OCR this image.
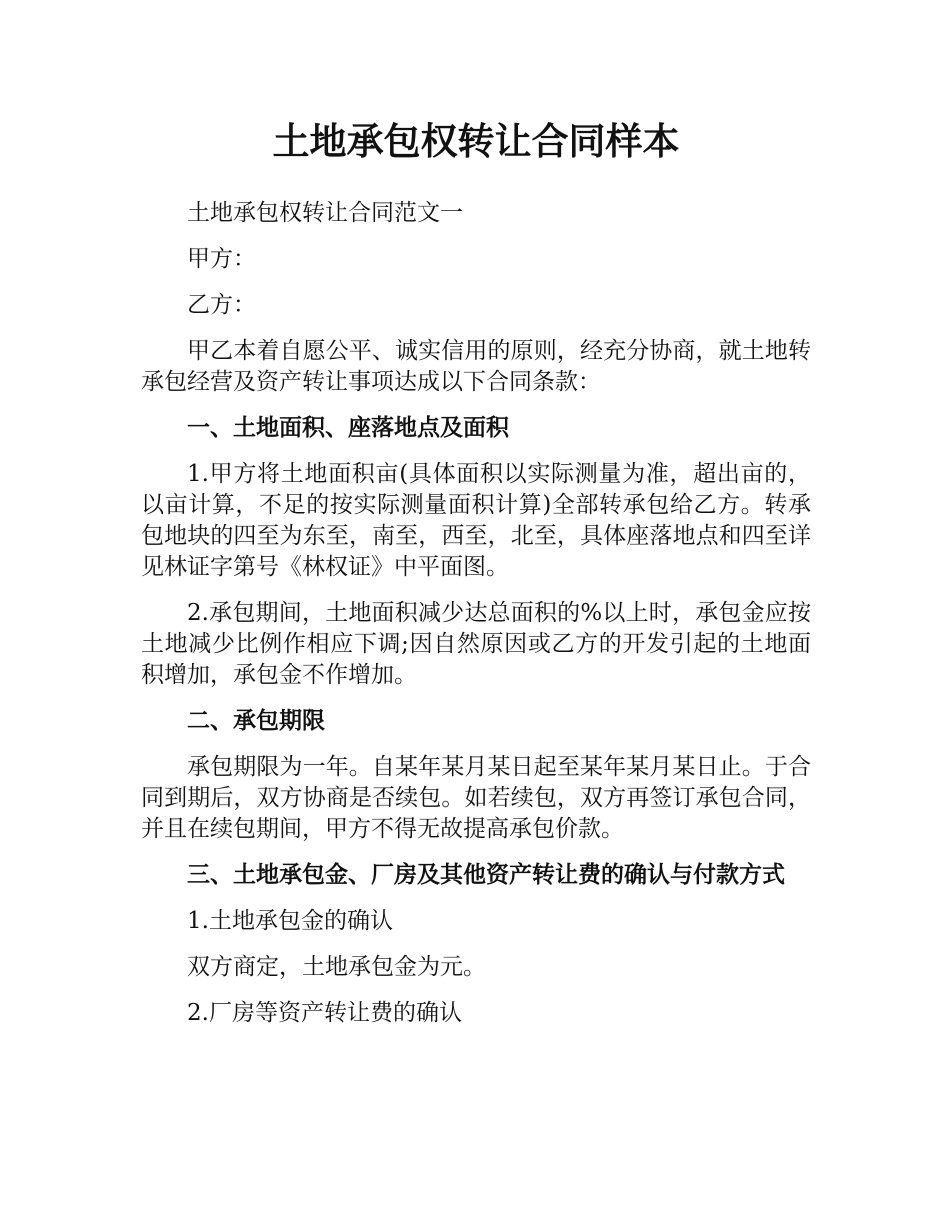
土地承包权转让合同样本

土地承包权转让合同范文一

甲方：

乙方：

甲乙本着自愿公平、诚实信用的原则，经充分协商，就土地转承包经营及资产转让事项达成以下合同条款：

一、土地面积、座落地点及面积

1.甲方将土地面积亩(具体面积以实际测量为准，超出亩的，以亩计算，不足的按实际测量面积计算)全部转承包给乙方。转承包地块的四至为东至，南至，西至，北至，具体座落地点和四至详见林证字第号《林权证》中平面图。

2.承包期间，土地面积减少达总面积的%以上时，承包金应按土地减少比例作相应下调;因自然原因或乙方的开发引起的土地面积增加，承包金不作增加。

二、承包期限

承包期限为一年。自某年某月某日起至某年某月某日止。于合同到期后，双方协商是否续包。如若续包，双方再签订承包合同，并且在续包期间，甲方不得无故提高承包价款。

三、土地承包金、厂房及其他资产转让费的确认与付款方式

1.土地承包金的确认

双方商定，土地承包金为元。

2.厂房等资产转让费的确认
